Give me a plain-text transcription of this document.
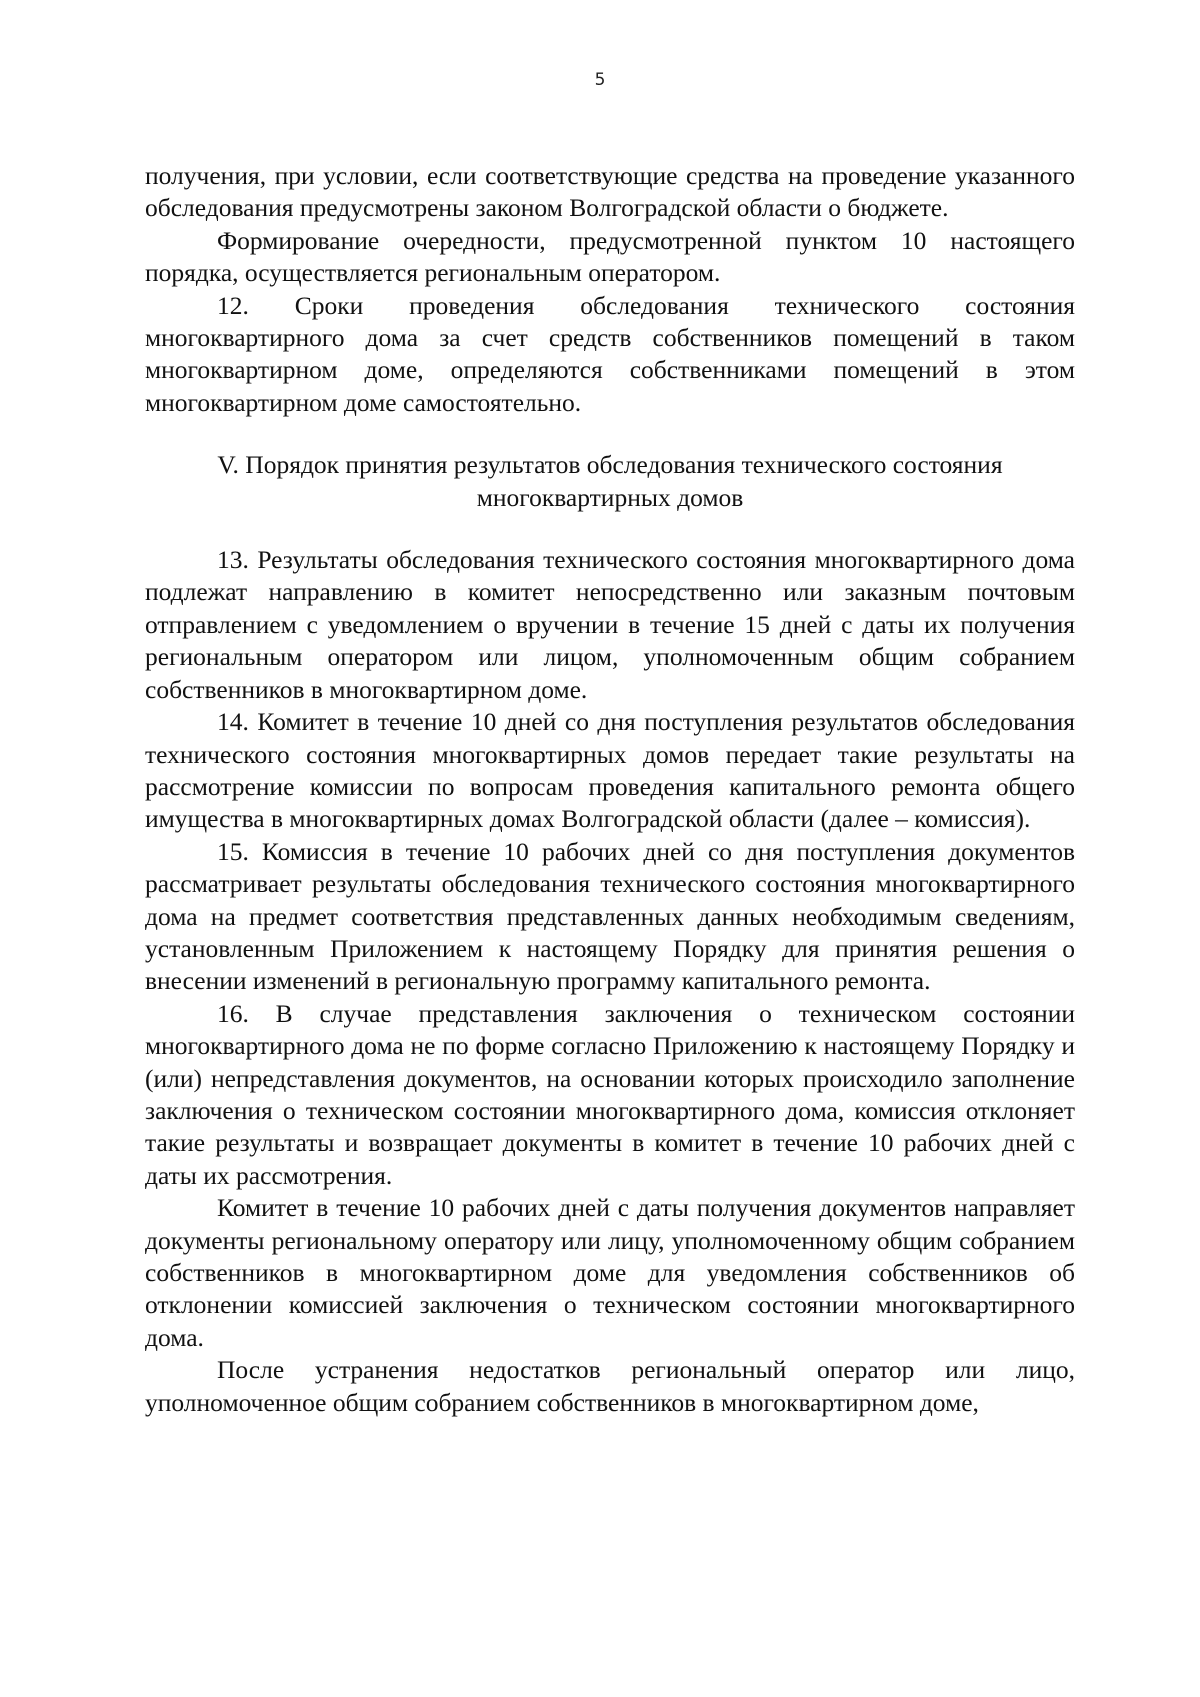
5

получения, при условии, если соответствующие средства на проведение указанного обследования предусмотрены законом Волгоградской области о бюджете.

Формирование очередности, предусмотренной пунктом 10 настоящего порядка, осуществляется региональным оператором.

12. Сроки проведения обследования технического состояния многоквартирного дома за счет средств собственников помещений в таком многоквартирном доме, определяются собственниками помещений в этом многоквартирном доме самостоятельно.

V. Порядок принятия результатов обследования технического состояния
многоквартирных домов

13. Результаты обследования технического состояния многоквартирного дома подлежат направлению в комитет непосредственно или заказным почтовым отправлением с уведомлением о вручении в течение 15 дней с даты их получения региональным оператором или лицом, уполномоченным общим собранием собственников в многоквартирном доме.

14. Комитет в течение 10 дней со дня поступления результатов обследования технического состояния многоквартирных домов передает такие результаты на рассмотрение комиссии по вопросам проведения капитального ремонта общего имущества в многоквартирных домах Волгоградской области (далее – комиссия).

15. Комиссия в течение 10 рабочих дней со дня поступления документов рассматривает результаты обследования технического состояния многоквартирного дома на предмет соответствия представленных данных необходимым сведениям, установленным Приложением к настоящему Порядку для принятия решения о внесении изменений в региональную программу капитального ремонта.

16. В случае представления заключения о техническом состоянии многоквартирного дома не по форме согласно Приложению к настоящему Порядку и (или) непредставления документов, на основании которых происходило заполнение заключения о техническом состоянии многоквартирного дома, комиссия отклоняет такие результаты и возвращает документы в комитет в течение 10 рабочих дней с даты их рассмотрения.

Комитет в течение 10 рабочих дней с даты получения документов направляет документы региональному оператору или лицу, уполномоченному общим собранием собственников в многоквартирном доме для уведомления собственников об отклонении комиссией заключения о техническом состоянии многоквартирного дома.

После устранения недостатков региональный оператор или лицо, уполномоченное общим собранием собственников в многоквартирном доме,
